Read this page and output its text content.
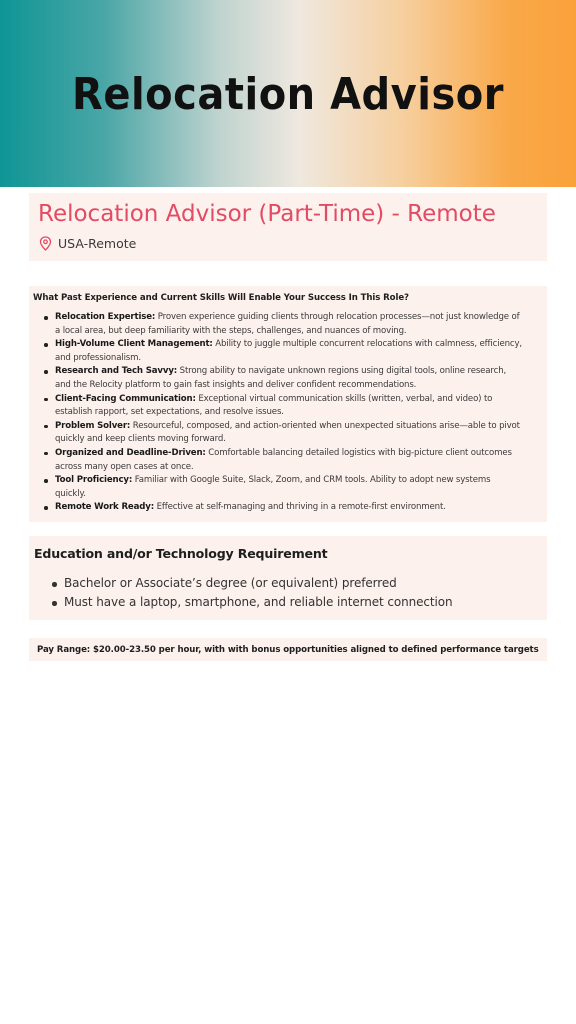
Relocation Advisor
Relocation Advisor (Part-Time) - Remote
USA-Remote
What Past Experience and Current Skills Will Enable Your Success In This Role?
Relocation Expertise: Proven experience guiding clients through relocation processes—not just knowledge of a local area, but deep familiarity with the steps, challenges, and nuances of moving.
High-Volume Client Management: Ability to juggle multiple concurrent relocations with calmness, efficiency, and professionalism.
Research and Tech Savvy: Strong ability to navigate unknown regions using digital tools, online research, and the Relocity platform to gain fast insights and deliver confident recommendations.
Client-Facing Communication: Exceptional virtual communication skills (written, verbal, and video) to establish rapport, set expectations, and resolve issues.
Problem Solver: Resourceful, composed, and action-oriented when unexpected situations arise—able to pivot quickly and keep clients moving forward.
Organized and Deadline-Driven: Comfortable balancing detailed logistics with big-picture client outcomes across many open cases at once.
Tool Proficiency: Familiar with Google Suite, Slack, Zoom, and CRM tools. Ability to adopt new systems quickly.
Remote Work Ready: Effective at self-managing and thriving in a remote-first environment.
Education and/or Technology Requirement
Bachelor or Associate’s degree (or equivalent) preferred
Must have a laptop, smartphone, and reliable internet connection
Pay Range: $20.00-23.50 per hour, with with bonus opportunities aligned to defined performance targets
